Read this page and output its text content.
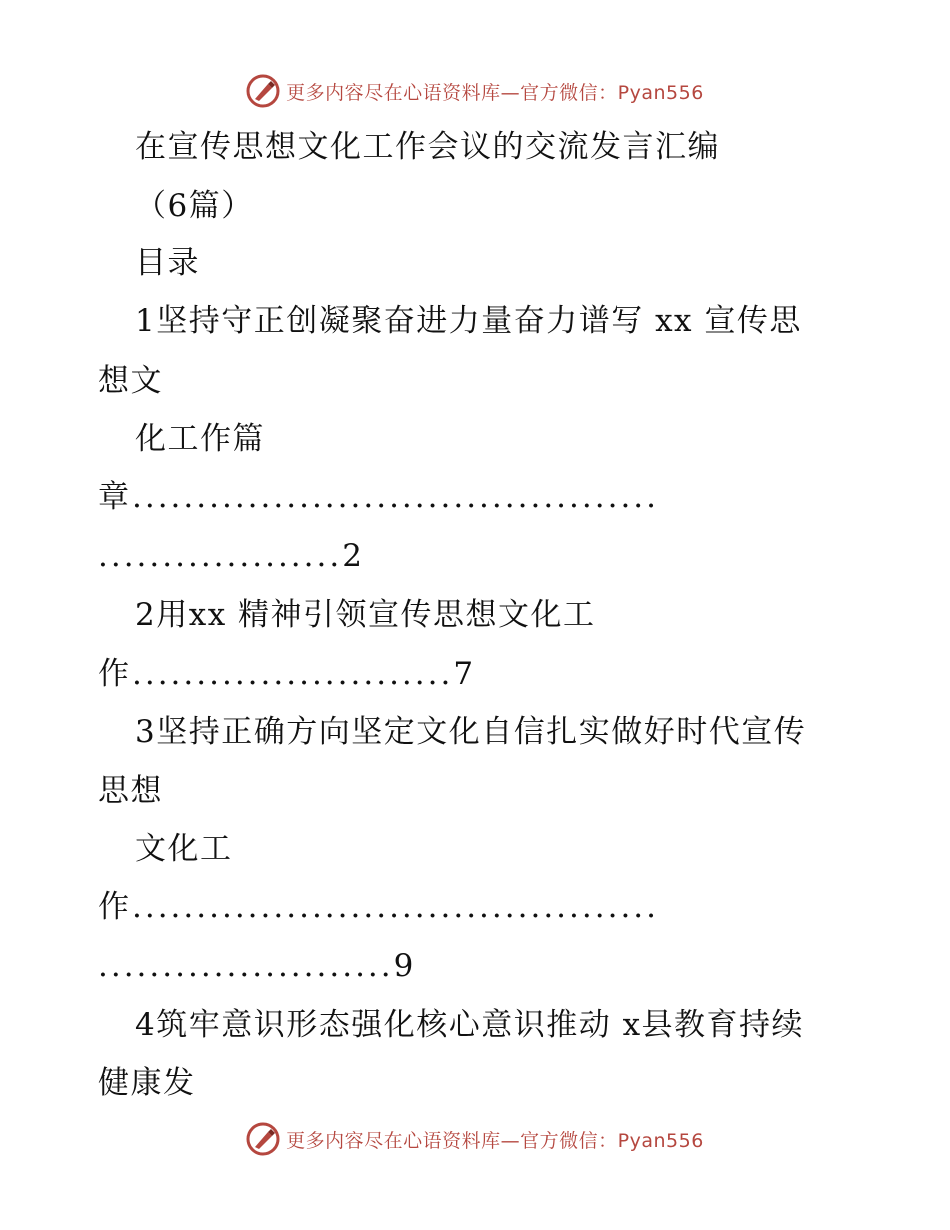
更多内容尽在心语资料库—官方微信：Pyan556
在宣传思想文化工作会议的交流发言汇编
（6篇）
目录
1坚持守正创凝聚奋进力量奋力谱写 xx 宣传思
想文
化工作篇
章.........................................
...................2
2用xx 精神引领宣传思想文化工
作.........................7
3坚持正确方向坚定文化自信扎实做好时代宣传
思想
文化工
作.........................................
.......................9
4筑牢意识形态强化核心意识推动 x县教育持续
健康发
更多内容尽在心语资料库—官方微信：Pyan556
